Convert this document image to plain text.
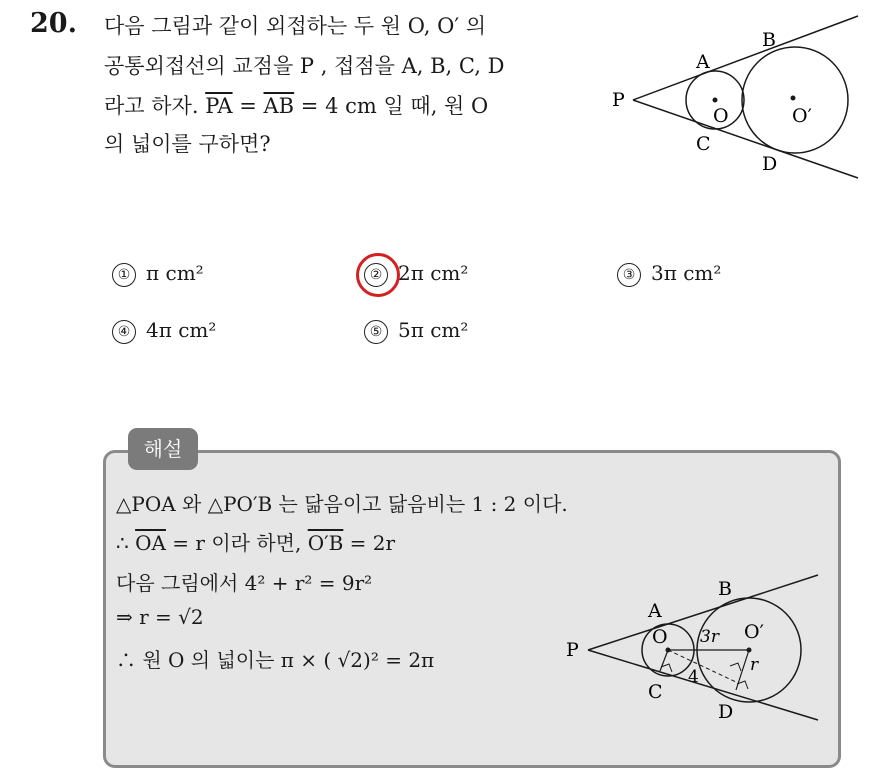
20. 다음 그림과 같이 외접하는 두 원 O, O′ 의
공통외접선의 교점을 P , 접점을 A, B, C, D
라고 하자. $\overline{PA} = \overline{AB} = 4$ cm 일 때, 원 O
의 넓이를 구하면?
P
A
B
C
D
O	O′
① π cm²	② 2π cm²	③ 3π cm²
④ 4π cm²	⑤ 5π cm²
해설
△POA 와 △PO′B 는 닮음이고 닮음비는 1 : 2 이다.
∴ $\overline{OA} = r$ 이라 하면, O′B = 2r
다음 그림에서 4² + r² = 9r²
⇒ r = √2
∴ 원 O 의 넓이는 π × ( √2)² = 2π	P
A
B
C
D
O	O′
3r
r
4
